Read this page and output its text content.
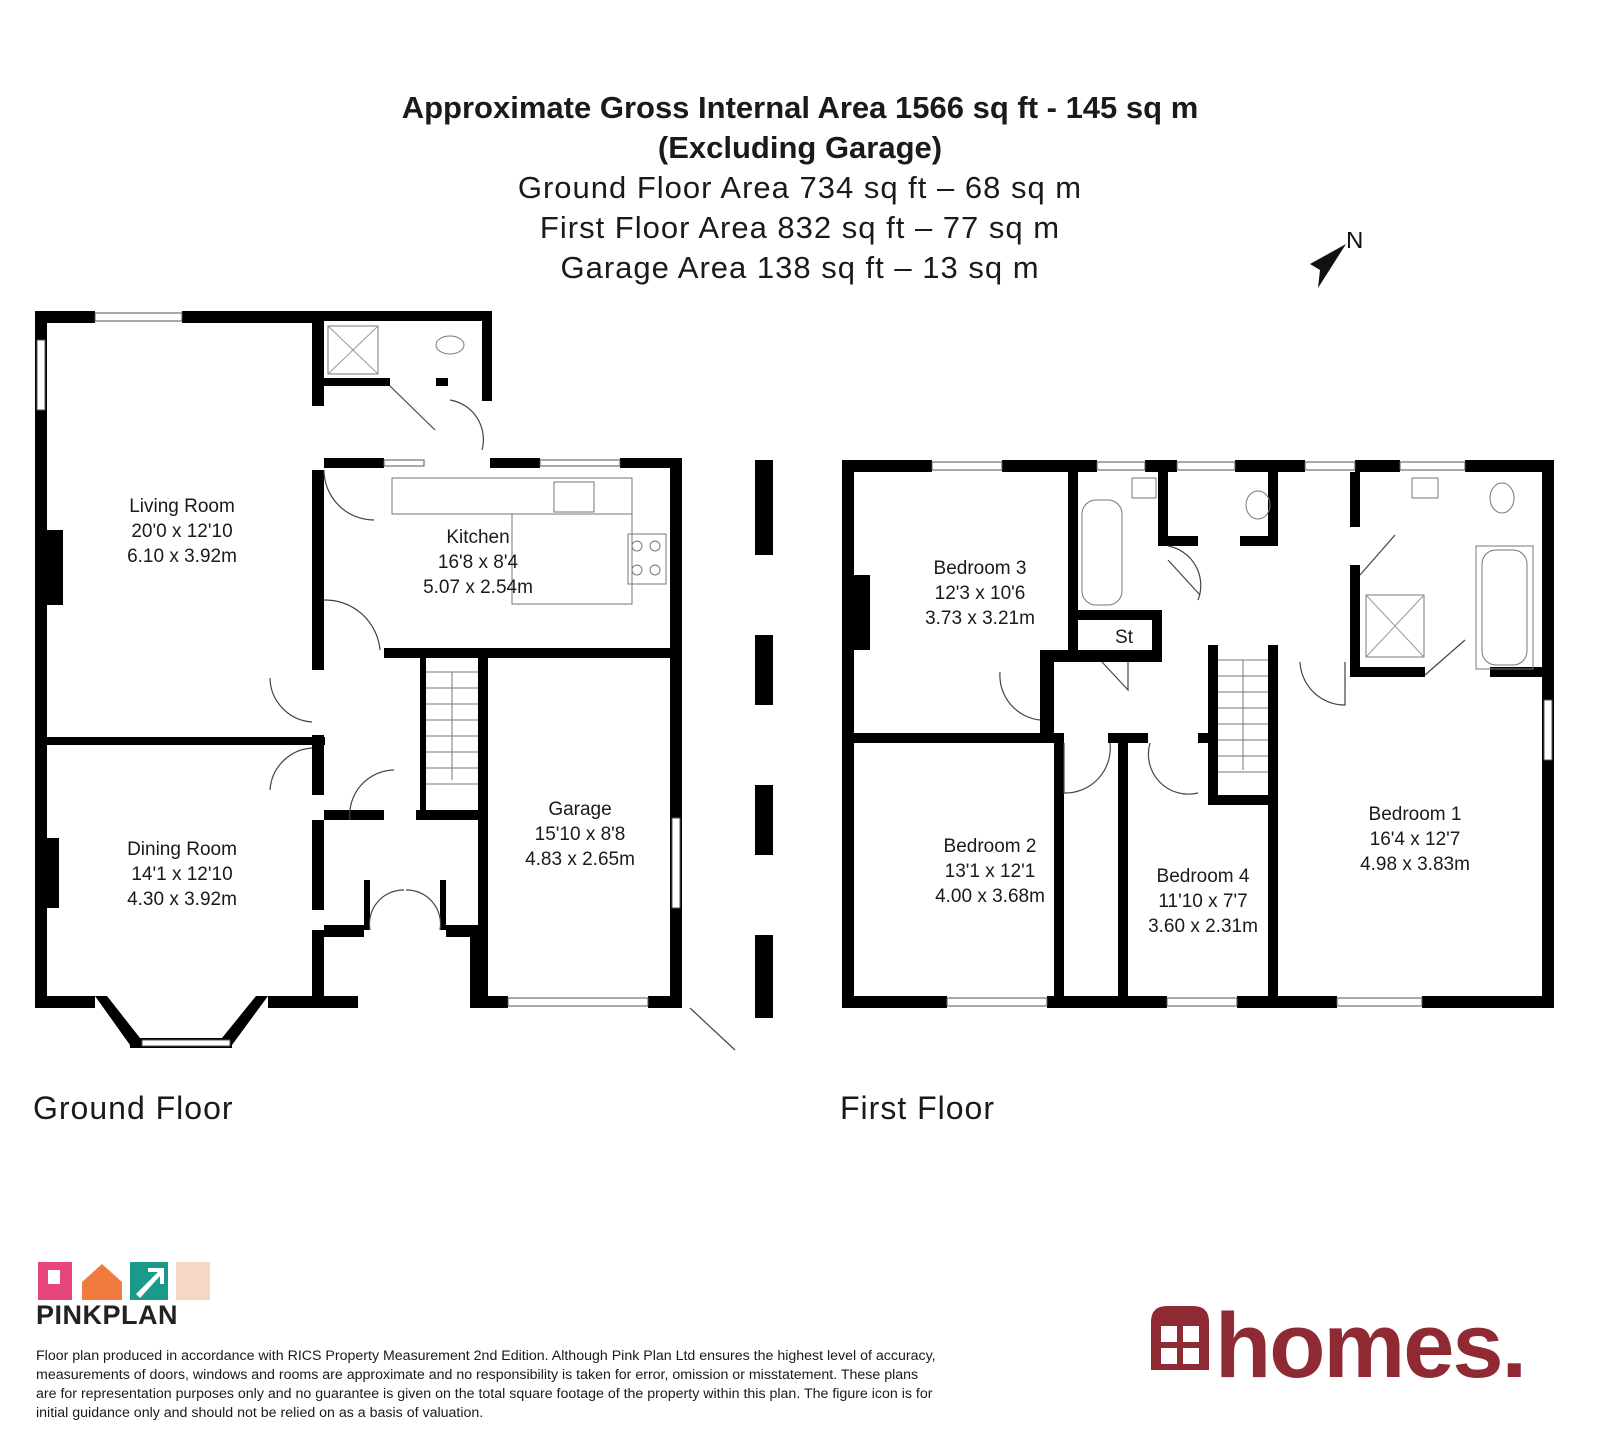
Approximate Gross Internal Area 1566 sq ft - 145 sq m
(Excluding Garage)
Ground Floor Area 734 sq ft – 68 sq m
First Floor Area 832 sq ft – 77 sq m
Garage Area 138 sq ft – 13 sq m
N
Living Room
20'0 x 12'10
6.10 x 3.92m
Dining Room
14'1 x 12'10
4.30 x 3.92m
Kitchen
16'8 x 8'4
5.07 x 2.54m
Garage
15'10 x 8'8
4.83 x 2.65m
Bedroom 3
12'3 x 10'6
3.73 x 3.21m
Bedroom 2
13'1 x 12'1
4.00 x 3.68m
Bedroom 4
11'10 x 7'7
3.60 x 2.31m
Bedroom 1
16'4 x 12'7
4.98 x 3.83m
St
Ground Floor	First Floor
PINKPLAN	homes.
Floor plan produced in accordance with RICS Property Measurement 2nd Edition. Although Pink Plan Ltd ensures the highest level of accuracy, measurements of doors, windows and rooms are approximate and no responsibility is taken for error, omission or misstatement. These plans are for representation purposes only and no guarantee is given on the total square footage of the property within this plan. The figure icon is for initial guidance only and should not be relied on as a basis of valuation.
